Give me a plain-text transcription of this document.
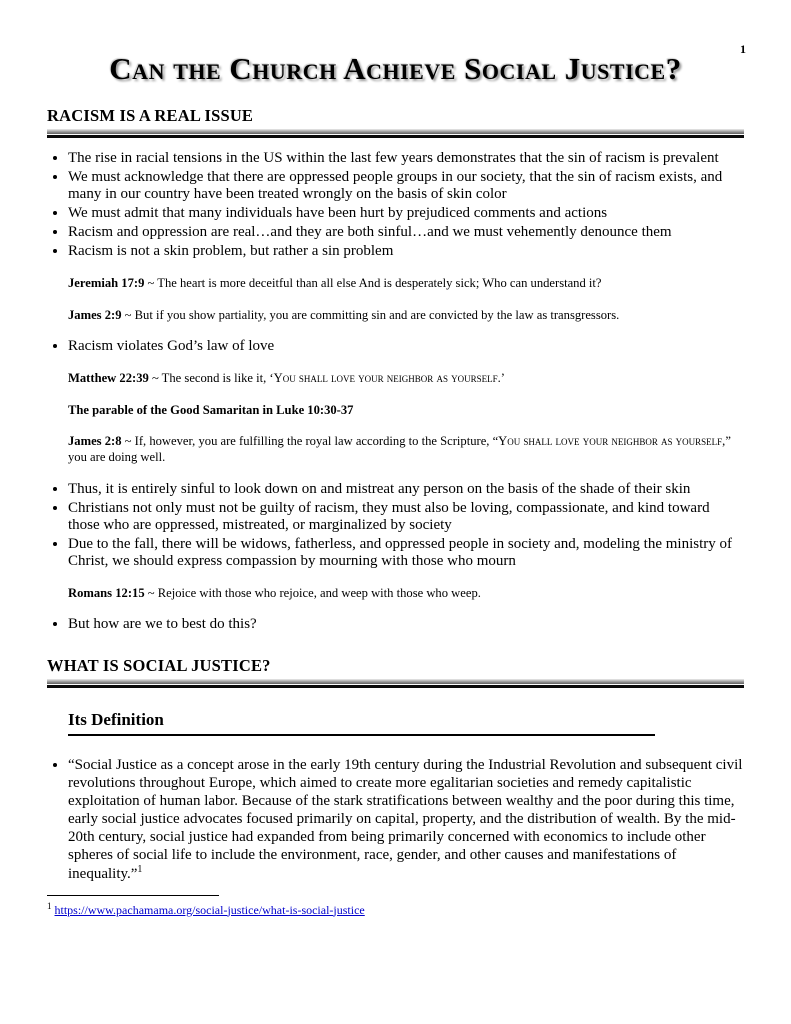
1
Can the Church Achieve Social Justice?
RACISM IS A REAL ISSUE
• The rise in racial tensions in the US within the last few years demonstrates that the sin of racism is prevalent
• We must acknowledge that there are oppressed people groups in our society, that the sin of racism exists, and many in our country have been treated wrongly on the basis of skin color
• We must admit that many individuals have been hurt by prejudiced comments and actions
• Racism and oppression are real…and they are both sinful…and we must vehemently denounce them
• Racism is not a skin problem, but rather a sin problem

Jeremiah 17:9 ~ The heart is more deceitful than all else And is desperately sick; Who can understand it?

James 2:9 ~ But if you show partiality, you are committing sin and are convicted by the law as transgressors.

• Racism violates God’s law of love

Matthew 22:39 ~ The second is like it, ‘You shall love your neighbor as yourself.’

The parable of the Good Samaritan in Luke 10:30-37

James 2:8 ~ If, however, you are fulfilling the royal law according to the Scripture, “You shall love your neighbor as yourself,” you are doing well.

• Thus, it is entirely sinful to look down on and mistreat any person on the basis of the shade of their skin
• Christians not only must not be guilty of racism, they must also be loving, compassionate, and kind toward those who are oppressed, mistreated, or marginalized by society
• Due to the fall, there will be widows, fatherless, and oppressed people in society and, modeling the ministry of Christ, we should express compassion by mourning with those who mourn

Romans 12:15 ~ Rejoice with those who rejoice, and weep with those who weep.

• But how are we to best do this?
WHAT IS SOCIAL JUSTICE?
Its Definition
• “Social Justice as a concept arose in the early 19th century during the Industrial Revolution and subsequent civil revolutions throughout Europe, which aimed to create more egalitarian societies and remedy capitalistic exploitation of human labor. Because of the stark stratifications between wealthy and the poor during this time, early social justice advocates focused primarily on capital, property, and the distribution of wealth. By the mid-20th century, social justice had expanded from being primarily concerned with economics to include other spheres of social life to include the environment, race, gender, and other causes and manifestations of inequality.”$^1$
$^1$ https://www.pachamama.org/social-justice/what-is-social-justice
